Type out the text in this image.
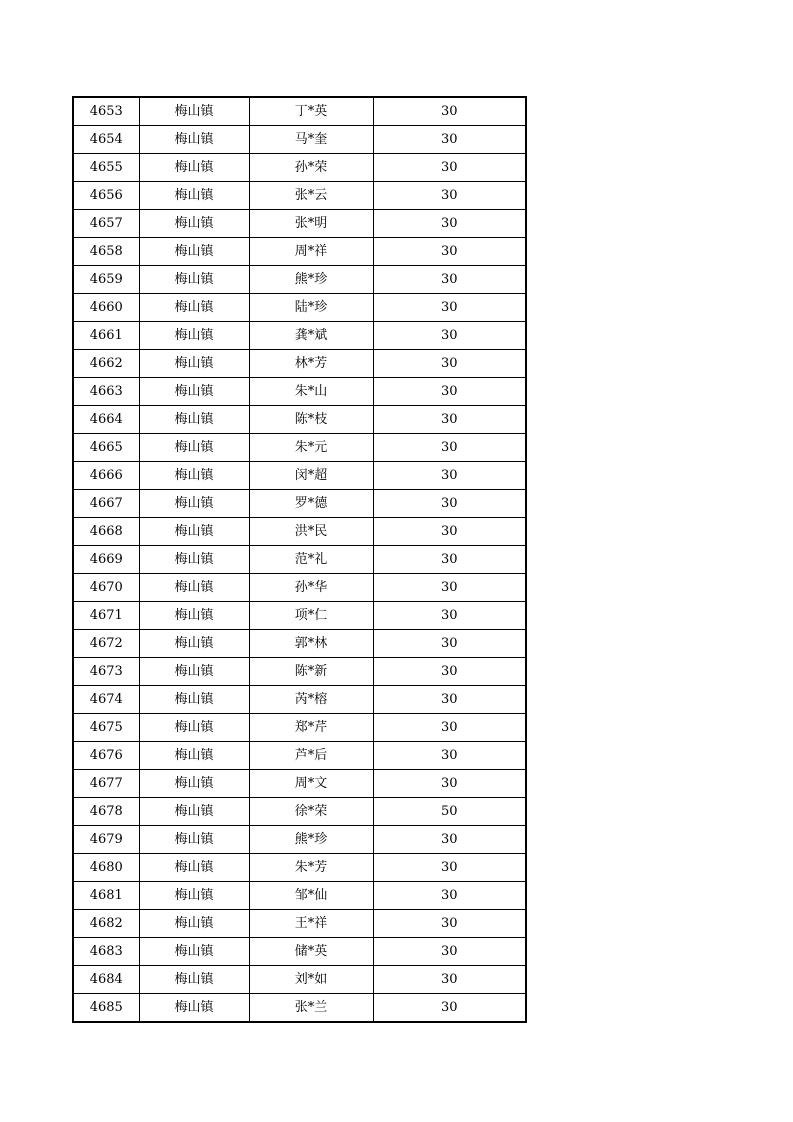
4653	梅山镇	丁*英	30
4654	梅山镇	马*奎	30
4655	梅山镇	孙*荣	30
4656	梅山镇	张*云	30
4657	梅山镇	张*明	30
4658	梅山镇	周*祥	30
4659	梅山镇	熊*珍	30
4660	梅山镇	陆*珍	30
4661	梅山镇	龚*斌	30
4662	梅山镇	林*芳	30
4663	梅山镇	朱*山	30
4664	梅山镇	陈*枝	30
4665	梅山镇	朱*元	30
4666	梅山镇	闵*超	30
4667	梅山镇	罗*德	30
4668	梅山镇	洪*民	30
4669	梅山镇	范*礼	30
4670	梅山镇	孙*华	30
4671	梅山镇	项*仁	30
4672	梅山镇	郭*林	30
4673	梅山镇	陈*新	30
4674	梅山镇	芮*榕	30
4675	梅山镇	郑*芹	30
4676	梅山镇	芦*后	30
4677	梅山镇	周*文	30
4678	梅山镇	徐*荣	50
4679	梅山镇	熊*珍	30
4680	梅山镇	朱*芳	30
4681	梅山镇	邹*仙	30
4682	梅山镇	王*祥	30
4683	梅山镇	储*英	30
4684	梅山镇	刘*如	30
4685	梅山镇	张*兰	30
